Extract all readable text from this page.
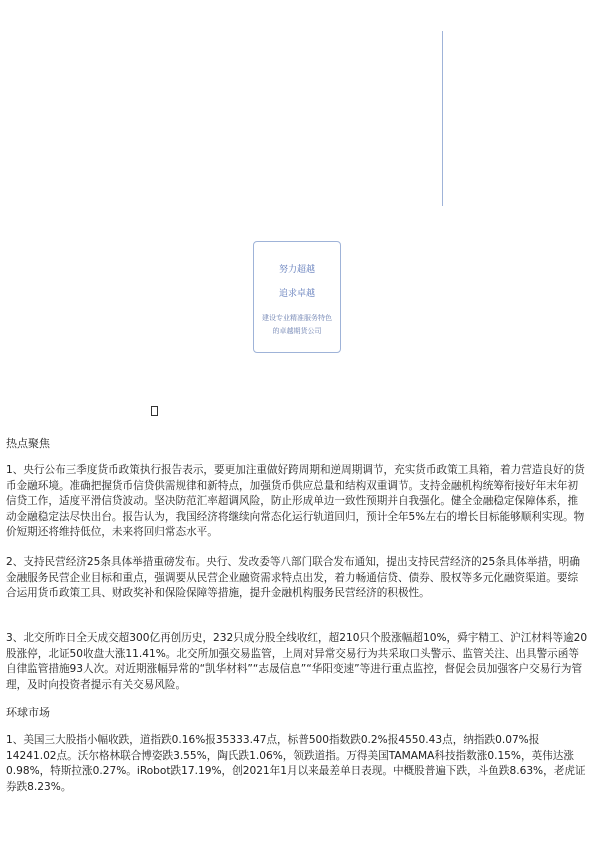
努力超越
追求卓越
建设专业精准服务特色的卓越期货公司
热点聚焦
1、央行公布三季度货币政策执行报告表示，要更加注重做好跨周期和逆周期调节，充实货币政策工具箱，着力营造良好的货币金融环境。准确把握货币信贷供需规律和新特点，加强货币供应总量和结构双重调节。支持金融机构统筹衔接好年末年初信贷工作，适度平滑信贷波动。坚决防范汇率超调风险，防止形成单边一致性预期并自我强化。健全金融稳定保障体系，推动金融稳定法尽快出台。报告认为，我国经济将继续向常态化运行轨道回归，预计全年5%左右的增长目标能够顺利实现。物价短期还将维持低位，未来将回归常态水平。
2、支持民营经济25条具体举措重磅发布。央行、发改委等八部门联合发布通知，提出支持民营经济的25条具体举措，明确金融服务民营企业目标和重点，强调要从民营企业融资需求特点出发，着力畅通信贷、债券、股权等多元化融资渠道。要综合运用货币政策工具、财政奖补和保险保障等措施，提升金融机构服务民营经济的积极性。
3、北交所昨日全天成交超300亿再创历史，232只成分股全线收红，超210只个股涨幅超10%，舜宇精工、沪江材料等逾20股涨停，北证50收盘大涨11.41%。北交所加强交易监管，上周对异常交易行为共采取口头警示、监管关注、出具警示函等自律监管措施93人次。对近期涨幅异常的“凯华材料”“志晟信息”“华阳变速”等进行重点监控，督促会员加强客户交易行为管理，及时向投资者提示有关交易风险。
环球市场
1、美国三大股指小幅收跌，道指跌0.16%报35333.47点，标普500指数跌0.2%报4550.43点，纳指跌0.07%报14241.02点。沃尔格林联合博姿跌3.55%，陶氏跌1.06%，领跌道指。万得美国TAMAMA科技指数涨0.15%，英伟达涨0.98%，特斯拉涨0.27%。iRobot跌17.19%，创2021年1月以来最差单日表现。中概股普遍下跌，斗鱼跌8.63%，老虎证券跌8.23%。
